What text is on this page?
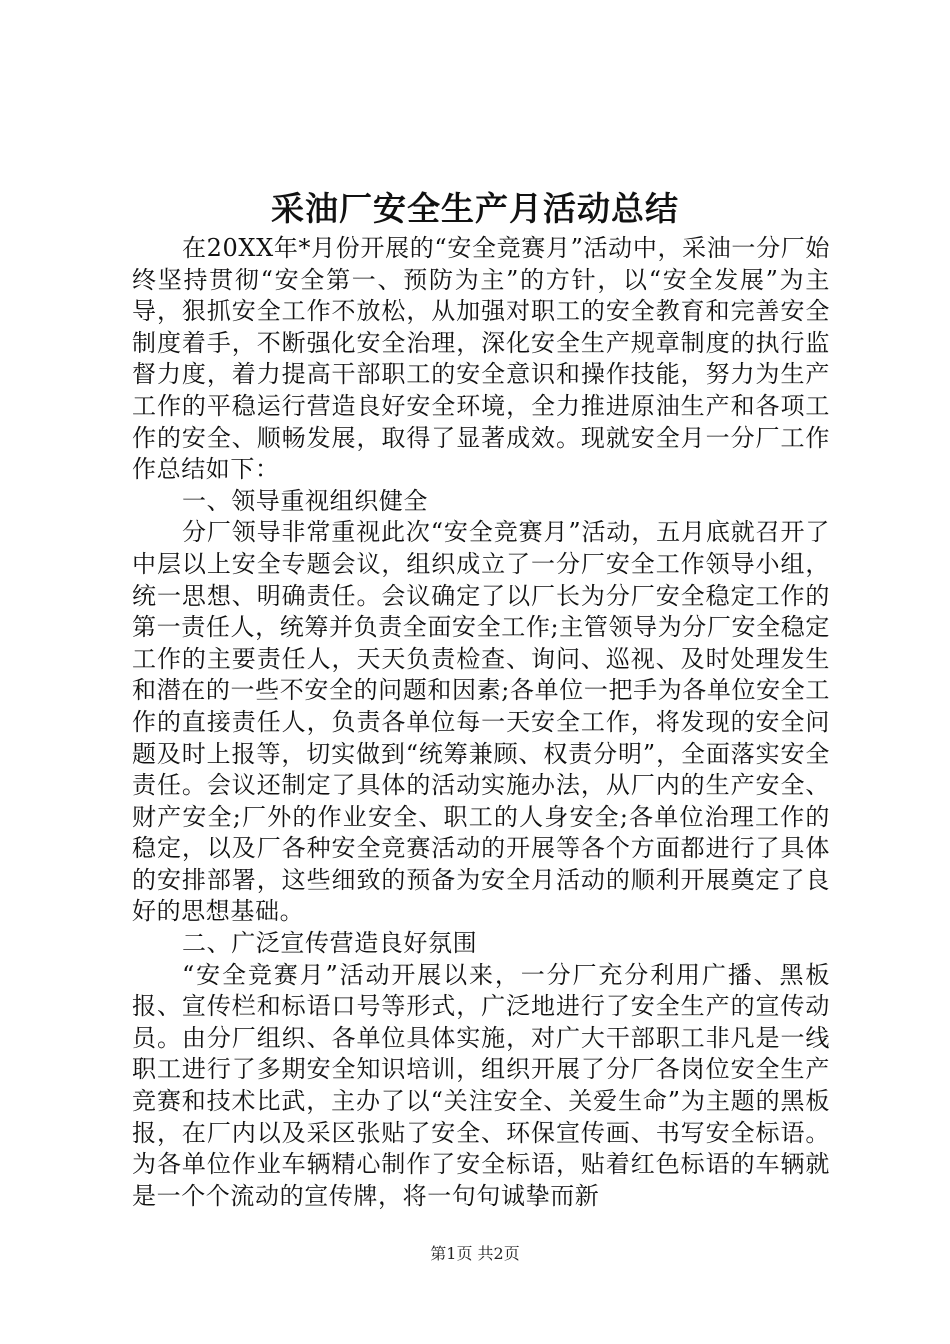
采油厂安全生产月活动总结

在20XX年*月份开展的“安全竞赛月”活动中，采油一分厂始终坚持贯彻“安全第一、预防为主”的方针，以“安全发展”为主导，狠抓安全工作不放松，从加强对职工的安全教育和完善安全制度着手，不断强化安全治理，深化安全生产规章制度的执行监督力度，着力提高干部职工的安全意识和操作技能，努力为生产工作的平稳运行营造良好安全环境，全力推进原油生产和各项工作的安全、顺畅发展，取得了显著成效。现就安全月一分厂工作作总结如下：

一、领导重视组织健全

分厂领导非常重视此次“安全竞赛月”活动，五月底就召开了中层以上安全专题会议，组织成立了一分厂安全工作领导小组，统一思想、明确责任。会议确定了以厂长为分厂安全稳定工作的第一责任人，统筹并负责全面安全工作;主管领导为分厂安全稳定工作的主要责任人，天天负责检查、询问、巡视、及时处理发生和潜在的一些不安全的问题和因素;各单位一把手为各单位安全工作的直接责任人，负责各单位每一天安全工作，将发现的安全问题及时上报等，切实做到“统筹兼顾、权责分明”，全面落实安全责任。会议还制定了具体的活动实施办法，从厂内的生产安全、财产安全;厂外的作业安全、职工的人身安全;各单位治理工作的稳定，以及厂各种安全竞赛活动的开展等各个方面都进行了具体的安排部署，这些细致的预备为安全月活动的顺利开展奠定了良好的思想基础。

二、广泛宣传营造良好氛围

“安全竞赛月”活动开展以来，一分厂充分利用广播、黑板报、宣传栏和标语口号等形式，广泛地进行了安全生产的宣传动员。由分厂组织、各单位具体实施，对广大干部职工非凡是一线职工进行了多期安全知识培训，组织开展了分厂各岗位安全生产竞赛和技术比武，主办了以“关注安全、关爱生命”为主题的黑板报，在厂内以及采区张贴了安全、环保宣传画、书写安全标语。为各单位作业车辆精心制作了安全标语，贴着红色标语的车辆就是一个个流动的宣传牌，将一句句诚挚而新

第1页 共2页
